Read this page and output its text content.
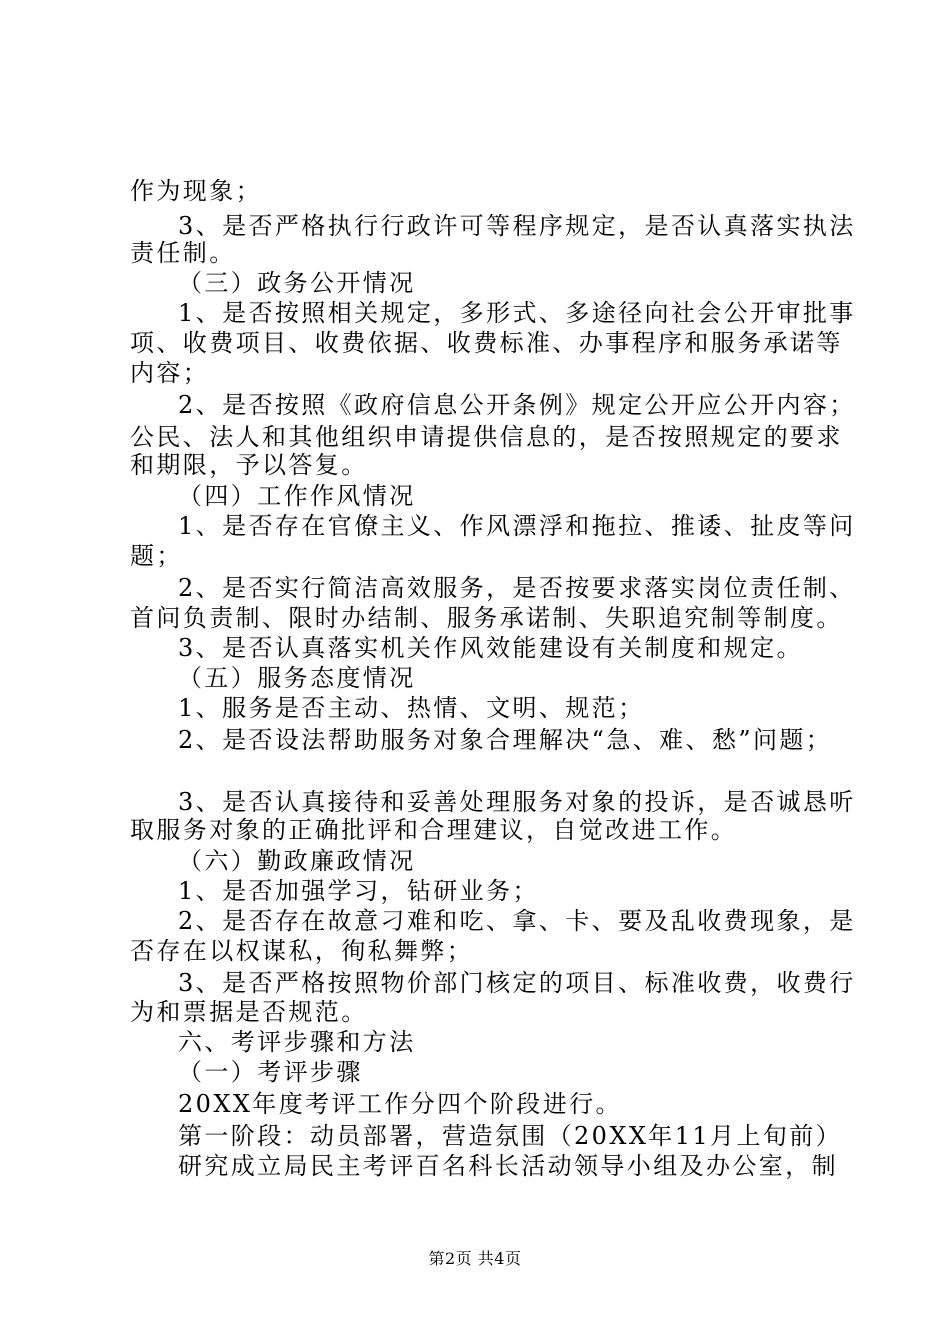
作为现象；
3、是否严格执行行政许可等程序规定，是否认真落实执法
责任制。
（三）政务公开情况
1、是否按照相关规定，多形式、多途径向社会公开审批事
项、收费项目、收费依据、收费标准、办事程序和服务承诺等
内容；
2、是否按照《政府信息公开条例》规定公开应公开内容；
公民、法人和其他组织申请提供信息的，是否按照规定的要求
和期限，予以答复。
（四）工作作风情况
1、是否存在官僚主义、作风漂浮和拖拉、推诿、扯皮等问
题；
2、是否实行简洁高效服务，是否按要求落实岗位责任制、
首问负责制、限时办结制、服务承诺制、失职追究制等制度。
3、是否认真落实机关作风效能建设有关制度和规定。
（五）服务态度情况
1、服务是否主动、热情、文明、规范；
2、是否设法帮助服务对象合理解决“急、难、愁”问题；
3、是否认真接待和妥善处理服务对象的投诉，是否诚恳听
取服务对象的正确批评和合理建议，自觉改进工作。
（六）勤政廉政情况
1、是否加强学习，钻研业务；
2、是否存在故意刁难和吃、拿、卡、要及乱收费现象，是
否存在以权谋私，徇私舞弊；
3、是否严格按照物价部门核定的项目、标准收费，收费行
为和票据是否规范。
六、考评步骤和方法
（一）考评步骤
20XX年度考评工作分四个阶段进行。
第一阶段：动员部署，营造氛围（20XX年11月上旬前）
研究成立局民主考评百名科长活动领导小组及办公室，制
第2页 共4页
